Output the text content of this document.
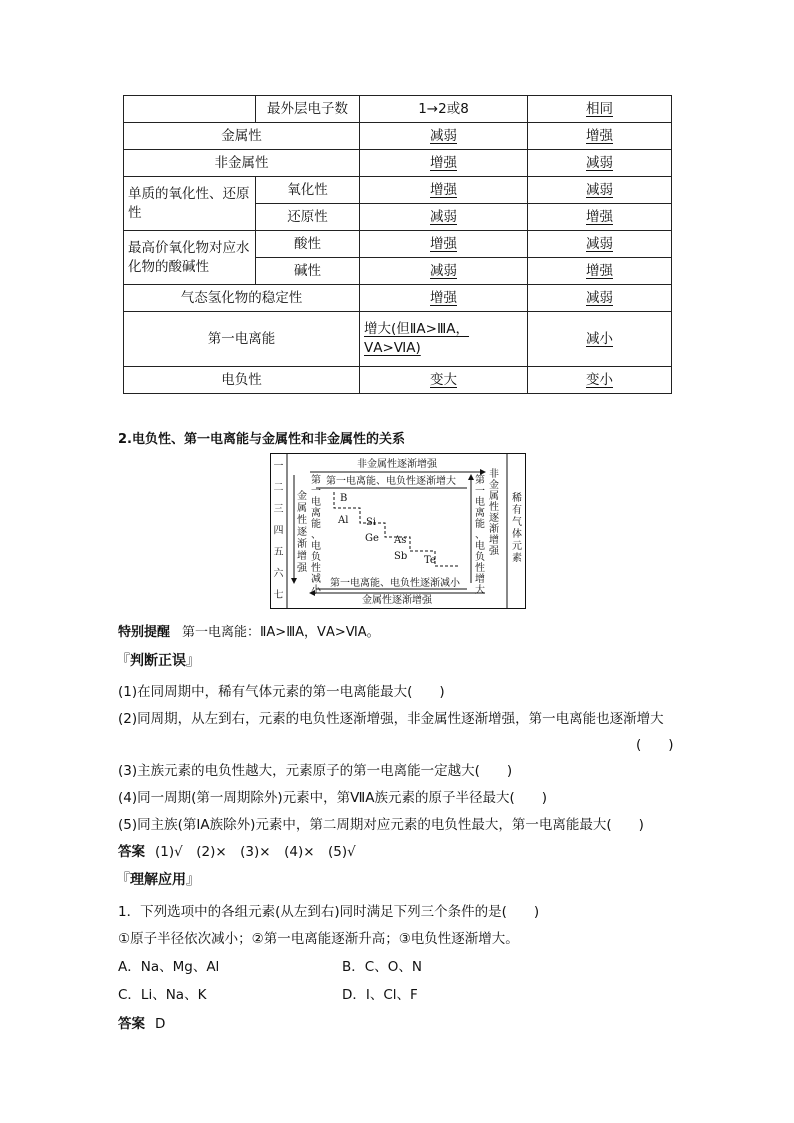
	最外层电子数	1→2或8	相同
金属性		减弱	增强
非金属性		增强	减弱
单质的氧化性、还原性	氧化性	增强	减弱
	还原性	减弱	增强
最高价氧化物对应水化物的酸碱性	酸性	增强	减弱
	碱性	减弱	增强
气态氢化物的稳定性		增强	减弱
第一电离能		增大(但ⅡA>ⅢA，ⅤA>ⅥA)	减小
电负性		变大	变小
2.电负性、第一电离能与金属性和非金属性的关系
一
二
三
四
五
六
七
非金属性逐渐增强
金属性逐渐增强
第一电离能、电负性逐渐增大
第一电离能、电负性逐渐减小
金
属
性
逐
渐
增
强
第
一
电
离
能
、
电
负
性
减
小
第
一
电
离
能
、
电
负
性
增
大
非
金
属
性
逐
渐
增
强
稀
有
气
体
元
素
B
Al Si
Ge As
Sb Te
特别提醒 第一电离能：ⅡA>ⅢA，ⅤA>ⅥA。
『判断正误』
(1)在同周期中，稀有气体元素的第一电离能最大(　　)
(2)同周期，从左到右，元素的电负性逐渐增强，非金属性逐渐增强，第一电离能也逐渐增大
(　　)
(3)主族元素的电负性越大，元素原子的第一电离能一定越大(　　)
(4)同一周期(第一周期除外)元素中，第ⅦA族元素的原子半径最大(　　)
(5)同主族(第ⅠA族除外)元素中，第二周期对应元素的电负性最大，第一电离能最大(　　)
答案 (1)√　(2)×　(3)×　(4)×　(5)√
『理解应用』
1．下列选项中的各组元素(从左到右)同时满足下列三个条件的是(　　)
①原子半径依次减小；②第一电离能逐渐升高；③电负性逐渐增大。
A．Na、Mg、Al	B．C、O、N
C．Li、Na、K	D．I、Cl、F
答案 D
